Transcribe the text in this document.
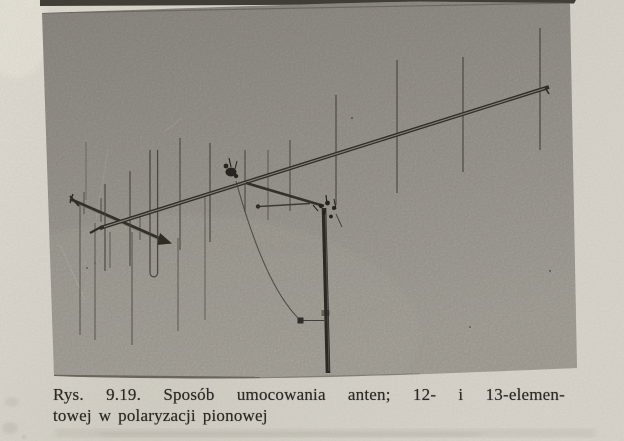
Rys. 9.19. Sposób umocowania anten; 12- i 13-elemen-
towej w polaryzacji pionowej
